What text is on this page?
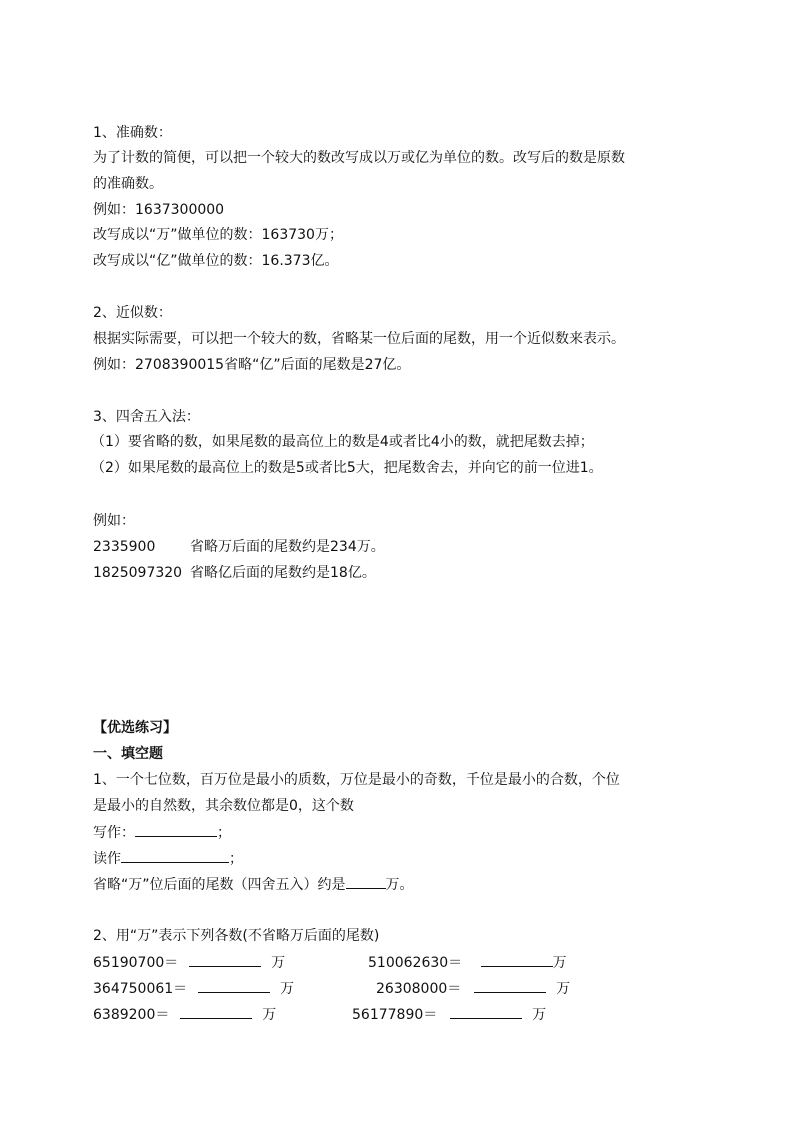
1、准确数：
为了计数的简便，可以把一个较大的数改写成以万或亿为单位的数。改写后的数是原数
的准确数。
例如：1637300000
改写成以“万”做单位的数：163730万；
改写成以“亿”做单位的数：16.373亿。
2、近似数：
根据实际需要，可以把一个较大的数，省略某一位后面的尾数，用一个近似数来表示。
例如：2708390015省略“亿”后面的尾数是27亿。
3、四舍五入法：
（1）要省略的数，如果尾数的最高位上的数是4或者比4小的数，就把尾数去掉；
（2）如果尾数的最高位上的数是5或者比5大，把尾数舍去，并向它的前一位进1。
例如：
2335900 省略万后面的尾数约是234万。
1825097320 省略亿后面的尾数约是18亿。
【优选练习】
一、填空题
1、一个七位数，百万位是最小的质数，万位是最小的奇数，千位是最小的合数，个位
是最小的自然数，其余数位都是0，这个数
写作：	；
读作	；
省略“万”位后面的尾数（四舍五入）约是	万。
2、用“万”表示下列各数(不省略万后面的尾数)
65190700＝	万	510062630＝	万
364750061＝	万	26308000＝	万
6389200＝	万	56177890＝	万
